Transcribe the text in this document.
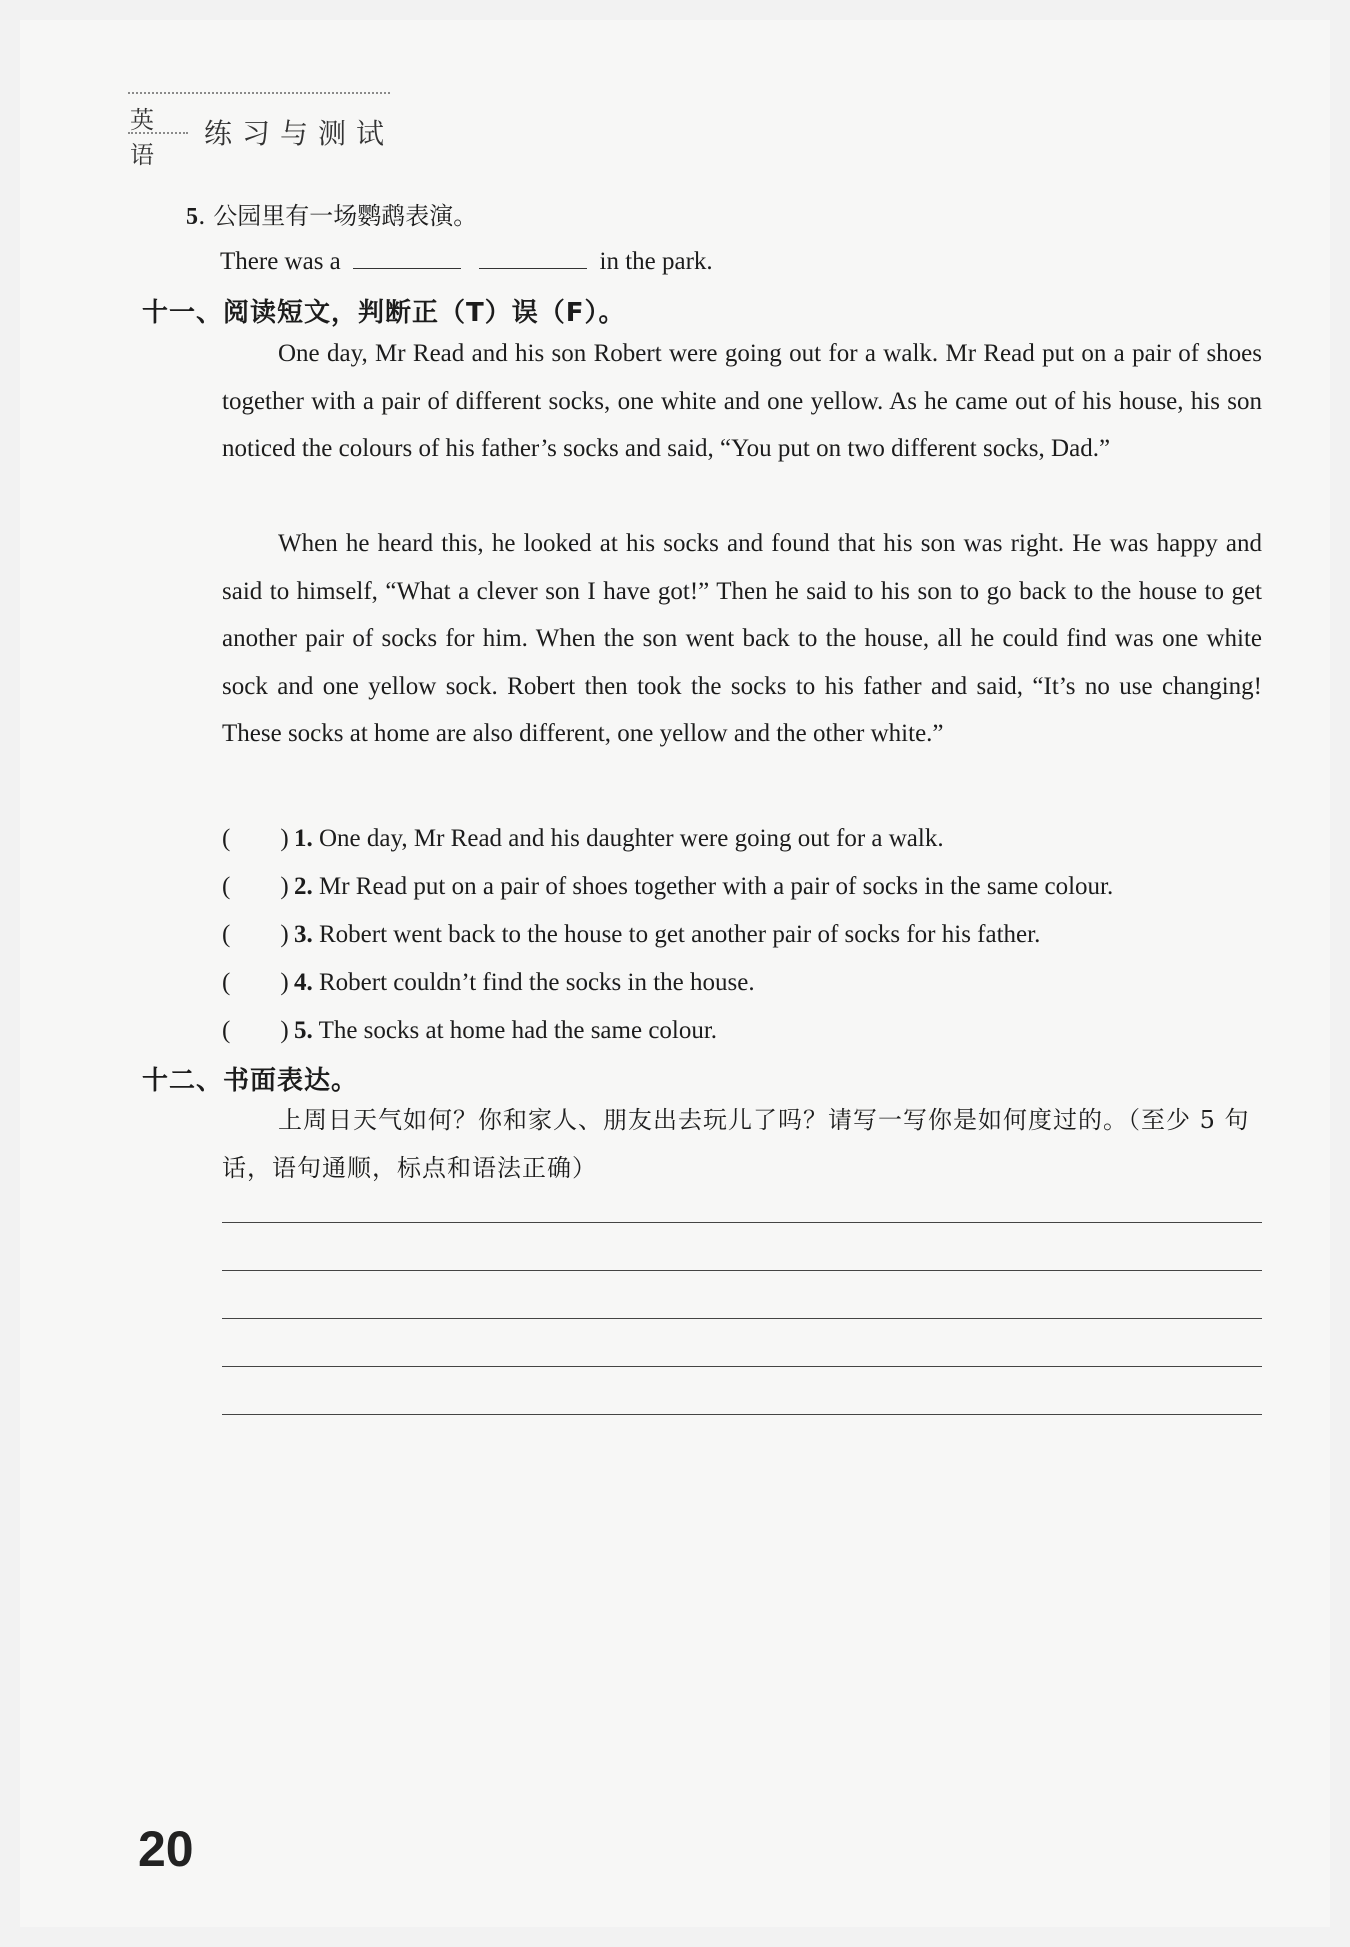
英语
练习与测试
5. 公园里有一场鹦鹉表演。
There was a	in the park.
十一、阅读短文，判断正（T）误（F）。
One day, Mr Read and his son Robert were going out for a walk. Mr Read put on a pair of shoes together with a pair of different socks, one white and one yellow. As he came out of his house, his son noticed the colours of his father’s socks and said, “You put on two different socks, Dad.”
When he heard this, he looked at his socks and found that his son was right. He was happy and said to himself, “What a clever son I have got!” Then he said to his son to go back to the house to get another pair of socks for him. When the son went back to the house, all he could find was one white sock and one yellow sock. Robert then took the socks to his father and said, “It’s no use changing! These socks at home are also different, one yellow and the other white.”
(　　) 1. One day, Mr Read and his daughter were going out for a walk.
(　　) 2. Mr Read put on a pair of shoes together with a pair of socks in the same colour.
(　　) 3. Robert went back to the house to get another pair of socks for his father.
(　　) 4. Robert couldn’t find the socks in the house.
(　　) 5. The socks at home had the same colour.
十二、书面表达。
上周日天气如何？你和家人、朋友出去玩儿了吗？请写一写你是如何度过的。（至少 5 句话，语句通顺，标点和语法正确）
20
